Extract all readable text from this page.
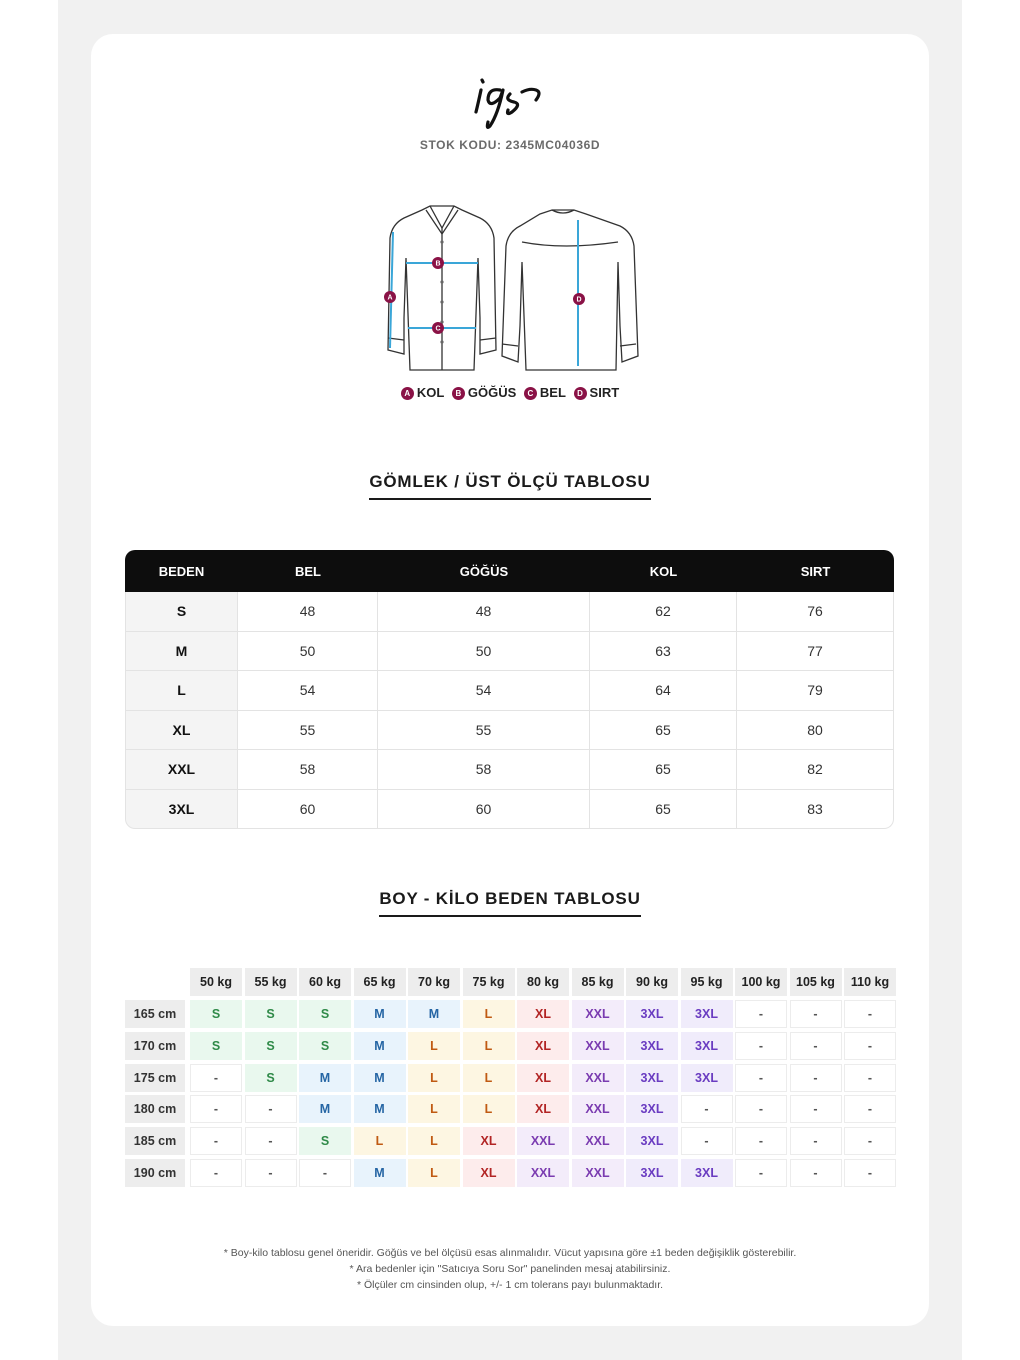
STOK KODU: 2345MC04036D
A
B
C
D
A KOL B GÖĞÜS C BEL D SIRT
GÖMLEK / ÜST ÖLÇÜ TABLOSU
BEDEN	BEL	GÖĞÜS	KOL	SIRT
S	48	48	62	76
M	50	50	63	77
L	54	54	64	79
XL	55	55	65	80
XXL	58	58	65	82
3XL	60	60	65	83
BOY - KİLO BEDEN TABLOSU
50 kg	55 kg	60 kg	65 kg	70 kg	75 kg	80 kg	85 kg	90 kg	95 kg	100 kg	105 kg	110 kg
165 cm	S	S	S	M	M	L	XL	XXL	3XL	3XL	-	-	-
170 cm	S	S	S	M	L	L	XL	XXL	3XL	3XL	-	-	-
175 cm	-	S	M	M	L	L	XL	XXL	3XL	3XL	-	-	-
180 cm	-	-	M	M	L	L	XL	XXL	3XL	-	-	-	-
185 cm	-	-	S	L	L	XL	XXL	XXL	3XL	-	-	-	-
190 cm	-	-	-	M	L	XL	XXL	XXL	3XL	3XL	-	-	-
* Boy-kilo tablosu genel öneridir. Göğüs ve bel ölçüsü esas alınmalıdır. Vücut yapısına göre ±1 beden değişiklik gösterebilir.
* Ara bedenler için "Satıcıya Soru Sor" panelinden mesaj atabilirsiniz.
* Ölçüler cm cinsinden olup, +/- 1 cm tolerans payı bulunmaktadır.
